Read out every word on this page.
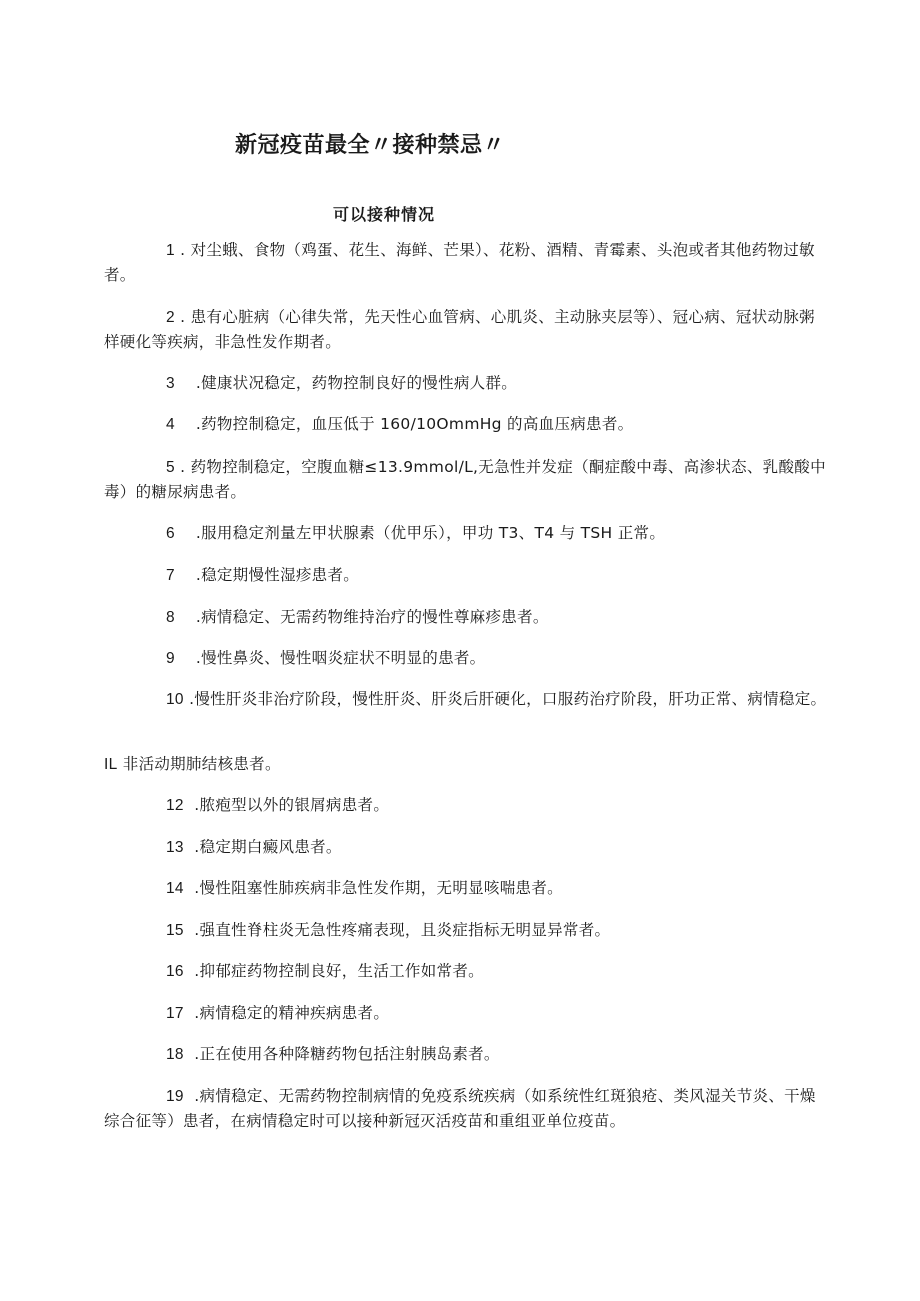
新冠疫苗最全〃接种禁忌〃
可以接种情况

1 . 对尘蛾、食物（鸡蛋、花生、海鲜、芒果）、花粉、酒精、青霉素、头泡或者其他药物过敏者。

2 . 患有心脏病（心律失常，先天性心血管病、心肌炎、主动脉夹层等）、冠心病、冠状动脉粥样硬化等疾病，非急性发作期者。

3    .健康状况稳定，药物控制良好的慢性病人群。

4    .药物控制稳定，血压低于 160/10OmmHg 的高血压病患者。

5 . 药物控制稳定，空腹血糖≤13.9mmol∕L,无急性并发症（酮症酸中毒、高渗状态、乳酸酸中毒）的糖尿病患者。

6    .服用稳定剂量左甲状腺素（优甲乐），甲功 T3、T4 与 TSH 正常。

7    .稳定期慢性湿疹患者。

8    .病情稳定、无需药物维持治疗的慢性尊麻疹患者。

9    .慢性鼻炎、慢性咽炎症状不明显的患者。

10 .慢性肝炎非治疗阶段，慢性肝炎、肝炎后肝硬化，口服药治疗阶段，肝功正常、病情稳定。

IL 非活动期肺结核患者。

12  .脓疱型以外的银屑病患者。

13  .稳定期白癜风患者。

14  .慢性阻塞性肺疾病非急性发作期，无明显咳喘患者。

15  .强直性脊柱炎无急性疼痛表现，且炎症指标无明显异常者。

16  .抑郁症药物控制良好，生活工作如常者。

17  .病情稳定的精神疾病患者。

18  .正在使用各种降糖药物包括注射胰岛素者。

19  .病情稳定、无需药物控制病情的免疫系统疾病（如系统性红斑狼疮、类风湿关节炎、干燥综合征等）患者，在病情稳定时可以接种新冠灭活疫苗和重组亚单位疫苗。
